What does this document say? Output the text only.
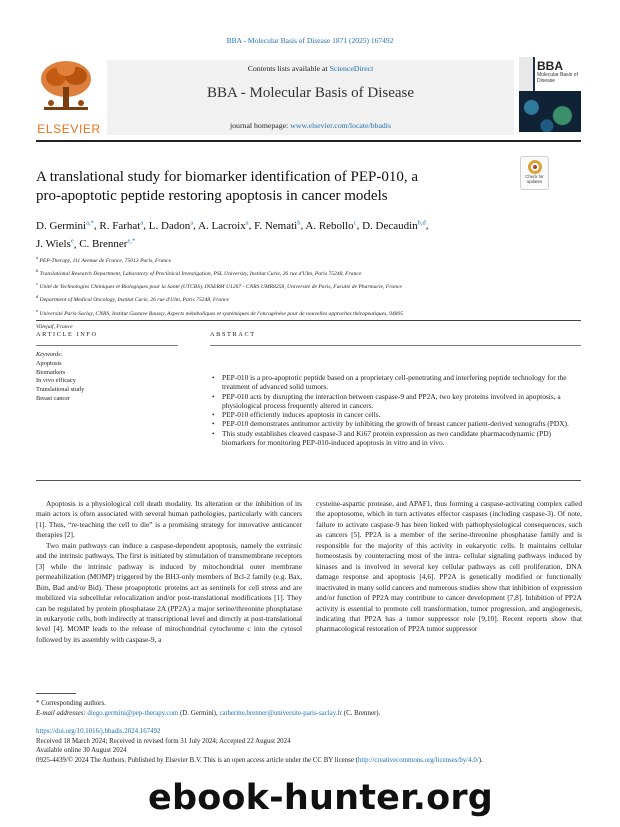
BBA - Molecular Basis of Disease 1871 (2025) 167492
ELSEVIER
Contents lists available at ScienceDirect
BBA - Molecular Basis of Disease
journal homepage: www.elsevier.com/locate/bbadis
BBA
Molecular Basis of Disease
A translational study for biomarker identification of PEP-010, a
pro-apoptotic peptide restoring apoptosis in cancer models
Check for updates
D. Germini$^{a,*}$, R. Farhat$^a$, L. Dadon$^a$, A. Lacroix$^a$, F. Nemati$^b$, A. Rebollo$^c$, D. Decaudin$^{b,d}$,
J. Wiels$^e$, C. Brenner$^{e,*}$
$^a$ PEP-Therapy, 111 Avenue de France, 75013 Paris, France
$^b$ Translational Research Department, Laboratory of Preclinical Investigation, PSL University, Institut Curie, 26 rue d'Ulm, Paris 75248, France
$^c$ Unité de Technologies Chimiques et Biologiques pour la Santé (UTCBS), INSERM U1267 - CNRS UMR8258, Université de Paris, Faculté de Pharmacie, France
$^d$ Department of Medical Oncology, Institut Curie, 26 rue d'Ulm, Paris 75248, France
$^e$ Université Paris-Saclay, CNRS, Institut Gustave Roussy, Aspects métaboliques et systémiques de l'oncogénèse pour de nouvelles approches thérapeutiques, 94805
Villejuif, France
ARTICLE INFO
Keywords:
Apoptosis
Biomarkers
In vivo efficacy
Translational study
Breast cancer
ABSTRACT
• PEP-010 is a pro-apoptotic peptide based on a proprietary cell-penetrating and interfering peptide technology for the treatment of advanced solid tumors.
• PEP-010 acts by disrupting the interaction between caspase-9 and PP2A, two key proteins involved in apoptosis, a physiological process frequently altered in cancers.
• PEP-010 efficiently induces apoptosis in cancer cells.
• PEP-010 demonstrates antitumor activity by inhibiting the growth of breast cancer patient-derived xenografts (PDX).
• This study establishes cleaved caspase-3 and Ki67 protein expression as two candidate pharmacodynamic (PD) biomarkers for monitoring PEP-010-induced apoptosis in vitro and in vivo.

Apoptosis is a physiological cell death modality. Its alteration or the inhibition of its main actors is often associated with several human pathologies, particularly with cancers [1]. Thus, “re-teaching the cell to die” is a promising strategy for innovative anticancer therapies [2].

Two main pathways can induce a caspase-dependent apoptosis, namely the extrinsic and the intrinsic pathways. The first is initiated by stimulation of transmembrane receptors [3] while the intrinsic pathway is induced by mitochondrial outer membrane permeabilization (MOMP) triggered by the BH3-only members of Bcl-2 family (e.g. Bax, Bim, Bad and/or Bid). These proapoptotic proteins act as sentinels for cell stress and are mobilized via subcellular relocalization and/or post-translational modifications [1]. They can be regulated by protein phosphatase 2A (PP2A) a major serine/threonine phosphatase in eukaryotic cells, both indirectly at transcriptional level and directly at post-translational level [4]. MOMP leads to the release of mitochondrial cytochrome c into the cytosol followed by its assembly with caspase-9, a

cysteine-aspartic protease, and APAF1, thus forming a caspase-activating complex called the apoptosome, which in turn activates effector caspases (including caspase-3). Of note, failure to activate caspase-9 has been linked with pathophysiological consequences, such as cancers [5]. PP2A is a member of the serine-threonine phosphatase family and is responsible for the majority of this activity in eukaryotic cells. It maintains cellular homeostasis by counteracting most of the intra- cellular signaling pathways induced by kinases and is involved in several key cellular pathways as cell proliferation, DNA damage response and apoptosis [4,6]. PP2A is genetically modified or functionally inactivated in many solid cancers and numerous studies show that inhibition of expression and/or function of PP2A may contribute to cancer development [7,8]. Inhibition of PP2A activity is essential to promote cell transformation, tumor progression, and angiogenesis, indicating that PP2A has a tumor suppressor role [9,10]. Recent reports show that pharmacological restoration of PP2A tumor suppressor

* Corresponding authors.
E-mail addresses: diego.germini@pep-therapy.com (D. Germini), catherine.brenner@universite-paris-saclay.fr (C. Brenner).
https://doi.org/10.1016/j.bbadis.2024.167492
Received 18 March 2024; Received in revised form 31 July 2024; Accepted 22 August 2024
Available online 30 August 2024
0925-4439/© 2024 The Authors. Published by Elsevier B.V. This is an open access article under the CC BY license (http://creativecommons.org/licenses/by/4.0/).
ebook-hunter.org
